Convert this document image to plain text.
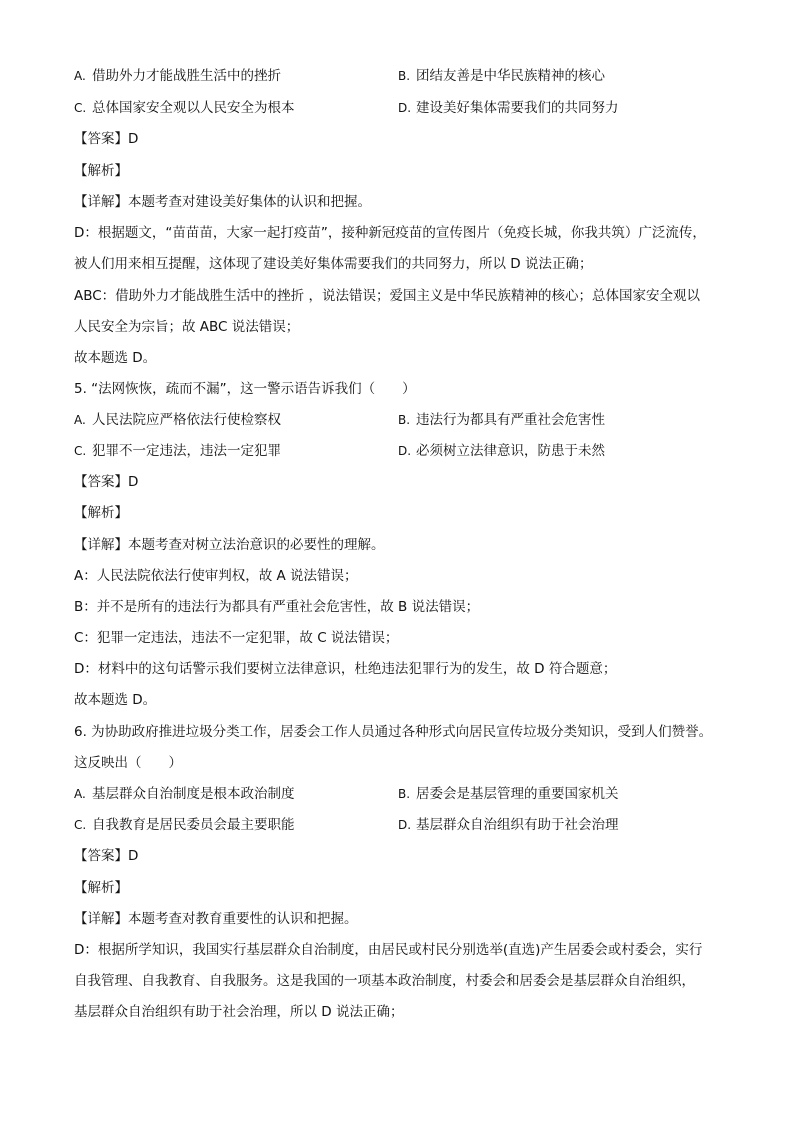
A. 借助外力才能战胜生活中的挫折	B. 团结友善是中华民族精神的核心
C. 总体国家安全观以人民安全为根本	D. 建设美好集体需要我们的共同努力
【答案】D
【解析】
【详解】本题考查对建设美好集体的认识和把握。
D：根据题文，“苗苗苗，大家一起打疫苗”，接种新冠疫苗的宣传图片（免疫长城，你我共筑）广泛流传，
被人们用来相互提醒，这体现了建设美好集体需要我们的共同努力，所以 D 说法正确；
ABC：借助外力才能战胜生活中的挫折 ，说法错误；爱国主义是中华民族精神的核心；总体国家安全观以
人民安全为宗旨；故 ABC 说法错误；
故本题选 D。
5. “法网恢恢，疏而不漏”，这一警示语告诉我们（　　）
A. 人民法院应严格依法行使检察权	B. 违法行为都具有严重社会危害性
C. 犯罪不一定违法，违法一定犯罪	D. 必须树立法律意识，防患于未然
【答案】D
【解析】
【详解】本题考查对树立法治意识的必要性的理解。
A：人民法院依法行使审判权，故 A 说法错误；
B：并不是所有的违法行为都具有严重社会危害性，故 B 说法错误；
C：犯罪一定违法，违法不一定犯罪，故 C 说法错误；
D：材料中的这句话警示我们要树立法律意识，杜绝违法犯罪行为的发生，故 D 符合题意；
故本题选 D。
6. 为协助政府推进垃圾分类工作，居委会工作人员通过各种形式向居民宣传垃圾分类知识，受到人们赞誉。
这反映出（　　）
A. 基层群众自治制度是根本政治制度	B. 居委会是基层管理的重要国家机关
C. 自我教育是居民委员会最主要职能	D. 基层群众自治组织有助于社会治理
【答案】D
【解析】
【详解】本题考查对教育重要性的认识和把握。
D：根据所学知识，我国实行基层群众自治制度，由居民或村民分别选举(直选)产生居委会或村委会，实行
自我管理、自我教育、自我服务。这是我国的一项基本政治制度，村委会和居委会是基层群众自治组织，
基层群众自治组织有助于社会治理，所以 D 说法正确；
